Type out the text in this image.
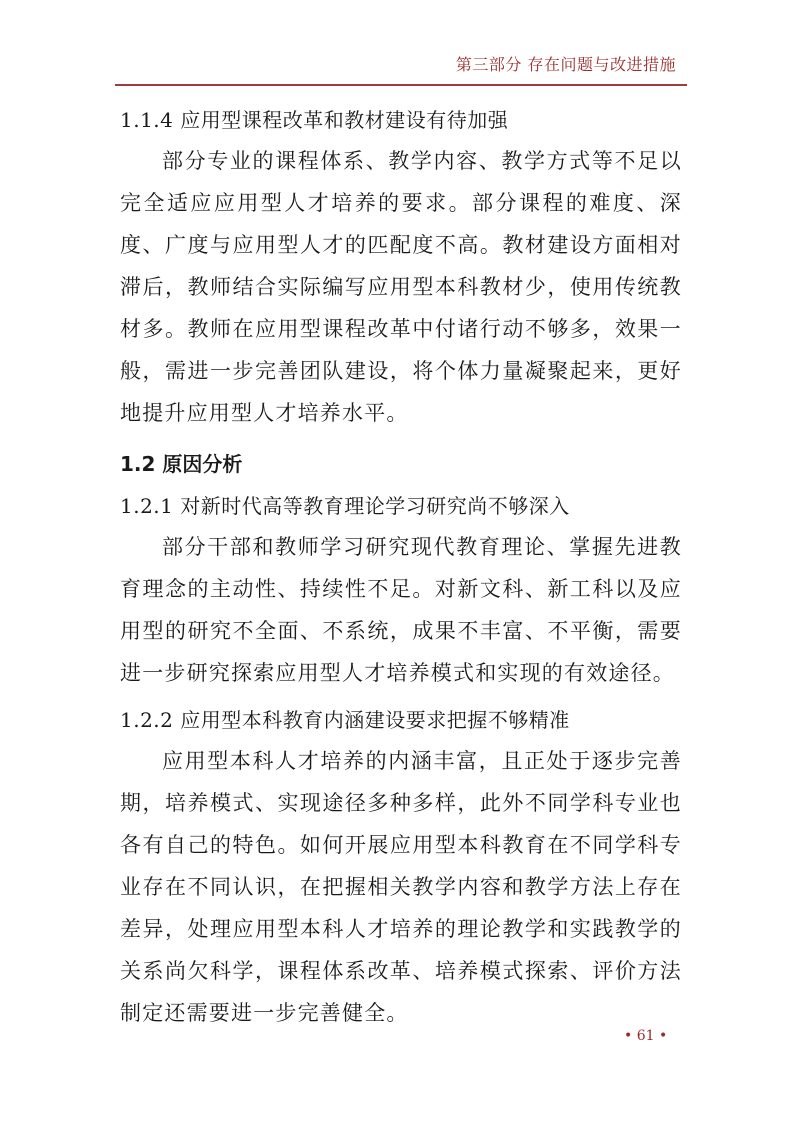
第三部分 存在问题与改进措施

1.1.4 应用型课程改革和教材建设有待加强

部分专业的课程体系、教学内容、教学方式等不足以完全适应应用型人才培养的要求。部分课程的难度、深度、广度与应用型人才的匹配度不高。教材建设方面相对滞后，教师结合实际编写应用型本科教材少，使用传统教材多。教师在应用型课程改革中付诸行动不够多，效果一般，需进一步完善团队建设，将个体力量凝聚起来，更好地提升应用型人才培养水平。

1.2 原因分析

1.2.1 对新时代高等教育理论学习研究尚不够深入

部分干部和教师学习研究现代教育理论、掌握先进教育理念的主动性、持续性不足。对新文科、新工科以及应用型的研究不全面、不系统，成果不丰富、不平衡，需要进一步研究探索应用型人才培养模式和实现的有效途径。

1.2.2 应用型本科教育内涵建设要求把握不够精准

应用型本科人才培养的内涵丰富，且正处于逐步完善期，培养模式、实现途径多种多样，此外不同学科专业也各有自己的特色。如何开展应用型本科教育在不同学科专业存在不同认识，在把握相关教学内容和教学方法上存在差异，处理应用型本科人才培养的理论教学和实践教学的关系尚欠科学，课程体系改革、培养模式探索、评价方法制定还需要进一步完善健全。

• 61 •
